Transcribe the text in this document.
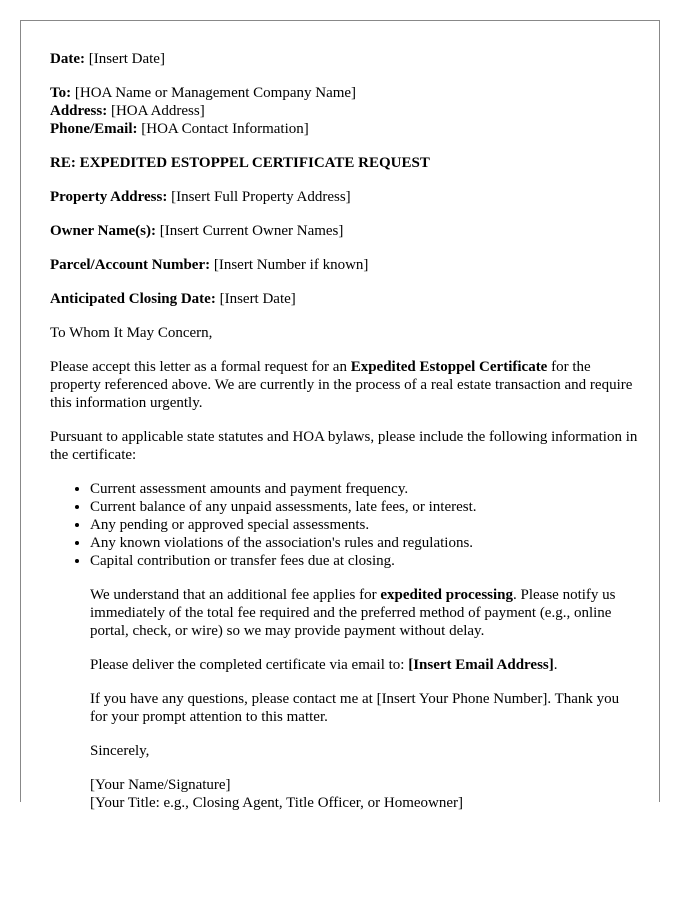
Date: [Insert Date]

To: [HOA Name or Management Company Name]

Address: [HOA Address]

Phone/Email: [HOA Contact Information]

RE: EXPEDITED ESTOPPEL CERTIFICATE REQUEST

Property Address: [Insert Full Property Address]

Owner Name(s): [Insert Current Owner Names]

Parcel/Account Number: [Insert Number if known]

Anticipated Closing Date: [Insert Date]

To Whom It May Concern,

Please accept this letter as a formal request for an Expedited Estoppel Certificate for the property referenced above. We are currently in the process of a real estate transaction and require this information urgently.

Pursuant to applicable state statutes and HOA bylaws, please include the following information in the certificate:

• Current assessment amounts and payment frequency.
• Current balance of any unpaid assessments, late fees, or interest.
• Any pending or approved special assessments.
• Any known violations of the association's rules and regulations.
• Capital contribution or transfer fees due at closing.

We understand that an additional fee applies for expedited processing. Please notify us immediately of the total fee required and the preferred method of payment (e.g., online portal, check, or wire) so we may provide payment without delay.

Please deliver the completed certificate via email to: [Insert Email Address].

If you have any questions, please contact me at [Insert Your Phone Number]. Thank you for your prompt attention to this matter.

Sincerely,

[Your Name/Signature]

[Your Title: e.g., Closing Agent, Title Officer, or Homeowner]
